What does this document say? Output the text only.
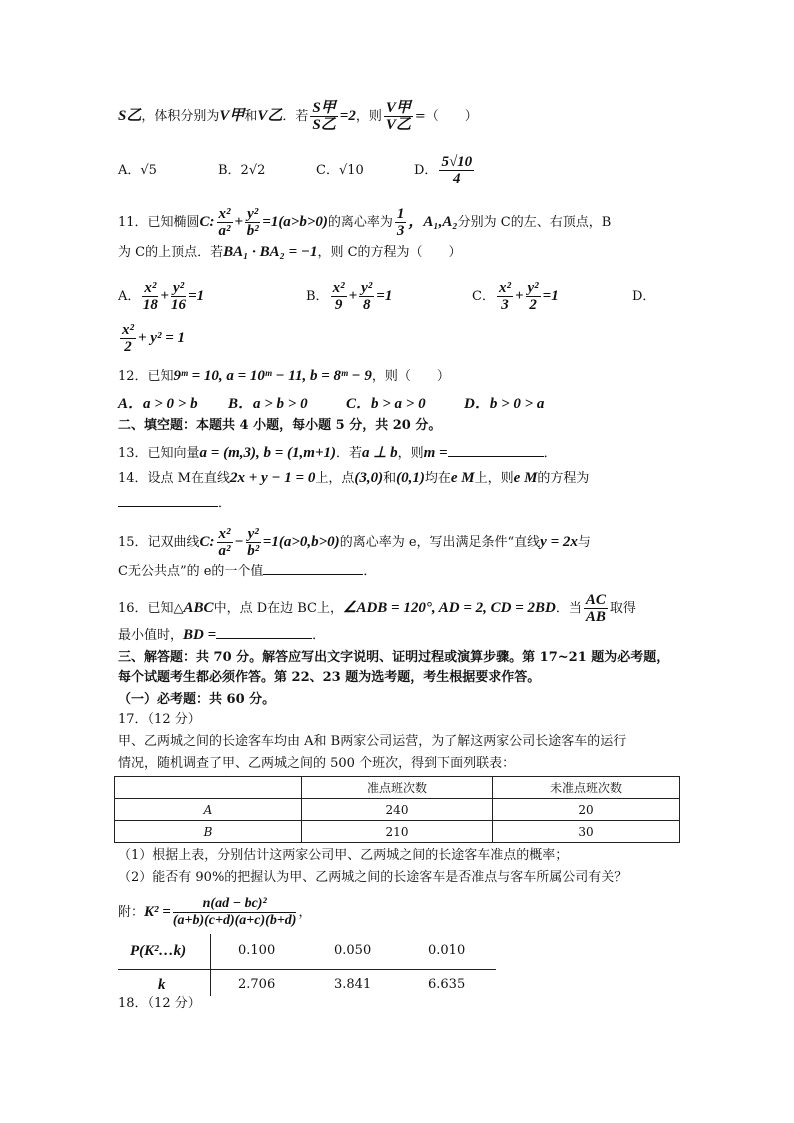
S乙，体积分别为V甲和V乙．若 $\frac{\text{S甲}}{\text{S乙}} =2$，则 $\frac{\text{V甲}}{\text{V乙}}$ =（　　）
A．√5	B．2√2	C．√10	D． $\frac{5√10}{4}$
11．已知椭圆C: $\frac{\text{x²}}{\text{a²}} + \frac{\text{y²}}{\text{b²}} =1(a>b>0)$的离心率为 $\frac{1}{3}$ ，A₁,A₂分别为 C的左、右顶点，B
为 C的上顶点．若BA₁ · BA₂ = −1，则 C的方程为（　　）
A． $\frac{\text{x²}}{18} + \frac{\text{y²}}{16} =1$	B． $\frac{\text{x²}}{9} + \frac{\text{y²}}{8} =1$	C． $\frac{\text{x²}}{3} + \frac{\text{y²}}{2} =1$	D．
$\frac{\text{x²}}{2} + y^2 = 1$
12．已知9ᵐ = 10, a = 10ᵐ − 11, b = 8ᵐ − 9，则（　　）
A．a > 0 > b B．a > b > 0	C．b > a > 0	D．b > 0 > a
二、填空题：本题共 4 小题，每小题 5 分，共 20 分。
13．已知向量a = (m,3), b = (1,m+1)．若a ⊥ b，则m =	．
14．设点 M在直线2x + y − 1 = 0上，点(3,0)和(0,1)均在e M上，则e M的方程为
．
15．记双曲线C: $\frac{\text{x²}}{\text{a²}} - \frac{\text{y²}}{\text{b²}} =1(a>0,b>0)$的离心率为 e，写出满足条件“直线y = 2x与
C无公共点”的 e的一个值	．
16．已知△ABC中，点 D在边 BC上，∠ADB = 120°, AD = 2, CD = 2BD．当 $\frac{AC}{AB}$ 取得
最小值时，BD =	．
三、解答题：共 70 分。解答应写出文字说明、证明过程或演算步骤。第 17~21 题为必考题，
每个试题考生都必须作答。第 22、23 题为选考题，考生根据要求作答。
（一）必考题：共 60 分。
17．（12 分）
甲、乙两城之间的长途客车均由 A和 B两家公司运营，为了解这两家公司长途客车的运行
情况，随机调查了甲、乙两城之间的 500 个班次，得到下面列联表：
	准点班次数	未准点班次数
A	240	20
B	210	30
（1）根据上表，分别估计这两家公司甲、乙两城之间的长途客车准点的概率；
（2）能否有 90%的把握认为甲、乙两城之间的长途客车是否准点与客车所属公司有关？
附：$K^2 = \frac{\text{n(ad − bc)²}}{(a+b)(c+d)(a+c)(b+d)}$ ，
P(K²…k)	0.100	0.050	0.010
k	2.706	3.841	6.635
18．（12 分）
